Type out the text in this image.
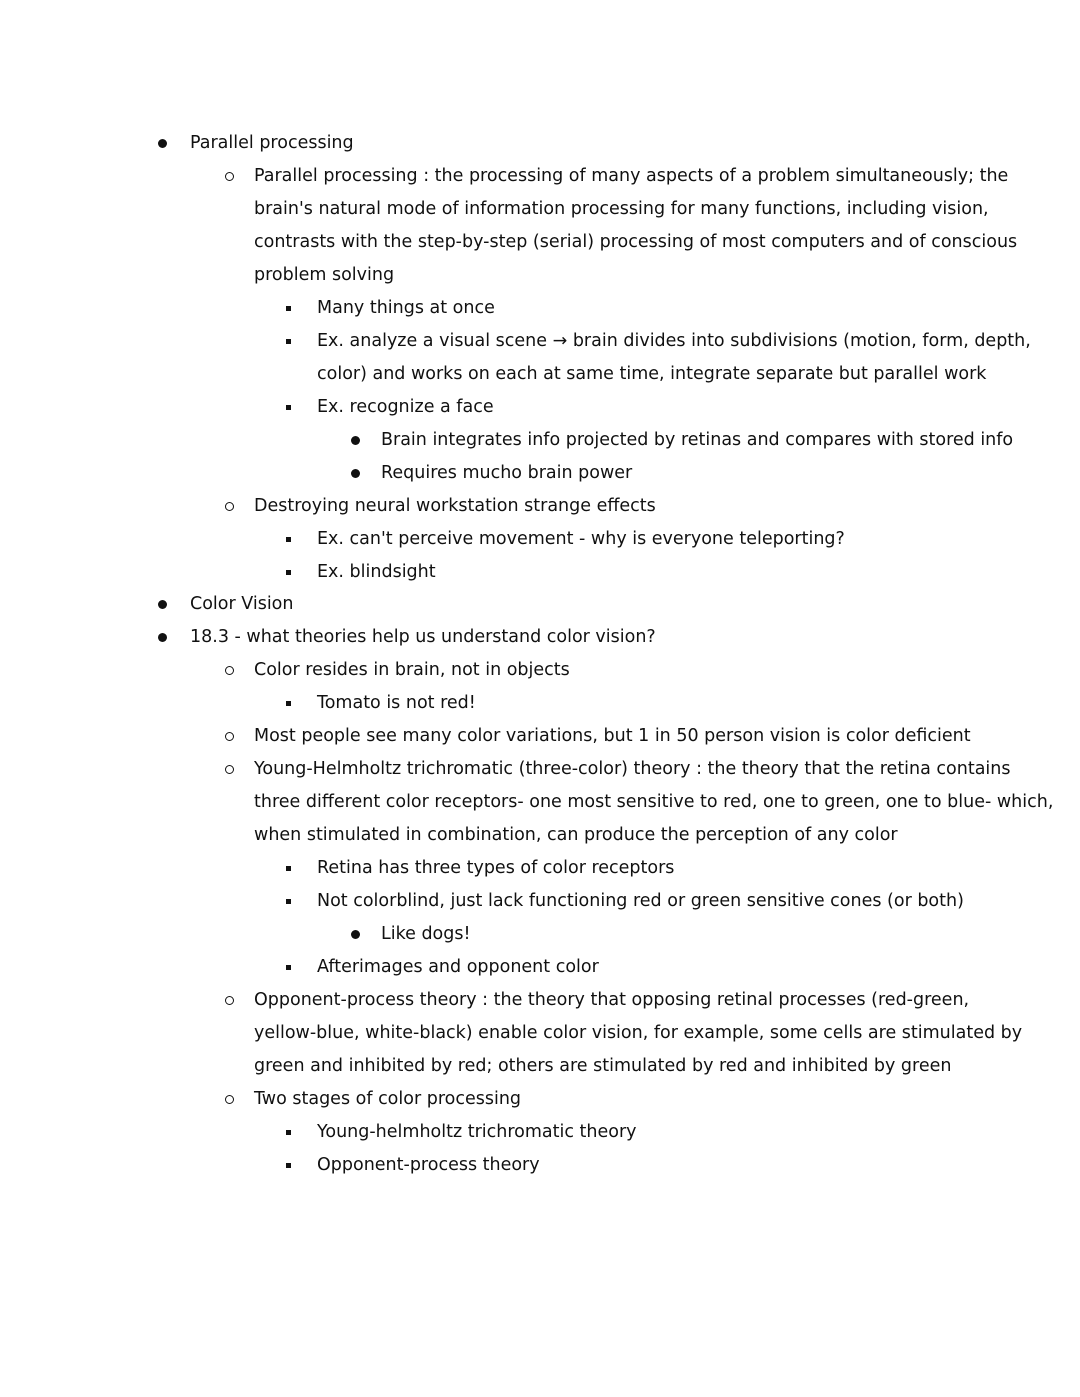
Parallel processing
Parallel processing : the processing of many aspects of a problem simultaneously; the
brain's natural mode of information processing for many functions, including vision,
contrasts with the step-by-step (serial) processing of most computers and of conscious
problem solving
Many things at once
Ex. analyze a visual scene → brain divides into subdivisions (motion, form, depth,
color) and works on each at same time, integrate separate but parallel work
Ex. recognize a face
Brain integrates info projected by retinas and compares with stored info
Requires mucho brain power
Destroying neural workstation strange effects
Ex. can't perceive movement - why is everyone teleporting?
Ex. blindsight
Color Vision
18.3 - what theories help us understand color vision?
Color resides in brain, not in objects
Tomato is not red!
Most people see many color variations, but 1 in 50 person vision is color deficient
Young-Helmholtz trichromatic (three-color) theory : the theory that the retina contains
three different color receptors- one most sensitive to red, one to green, one to blue- which,
when stimulated in combination, can produce the perception of any color
Retina has three types of color receptors
Not colorblind, just lack functioning red or green sensitive cones (or both)
Like dogs!
Afterimages and opponent color
Opponent-process theory : the theory that opposing retinal processes (red-green,
yellow-blue, white-black) enable color vision, for example, some cells are stimulated by
green and inhibited by red; others are stimulated by red and inhibited by green
Two stages of color processing
Young-helmholtz trichromatic theory
Opponent-process theory
